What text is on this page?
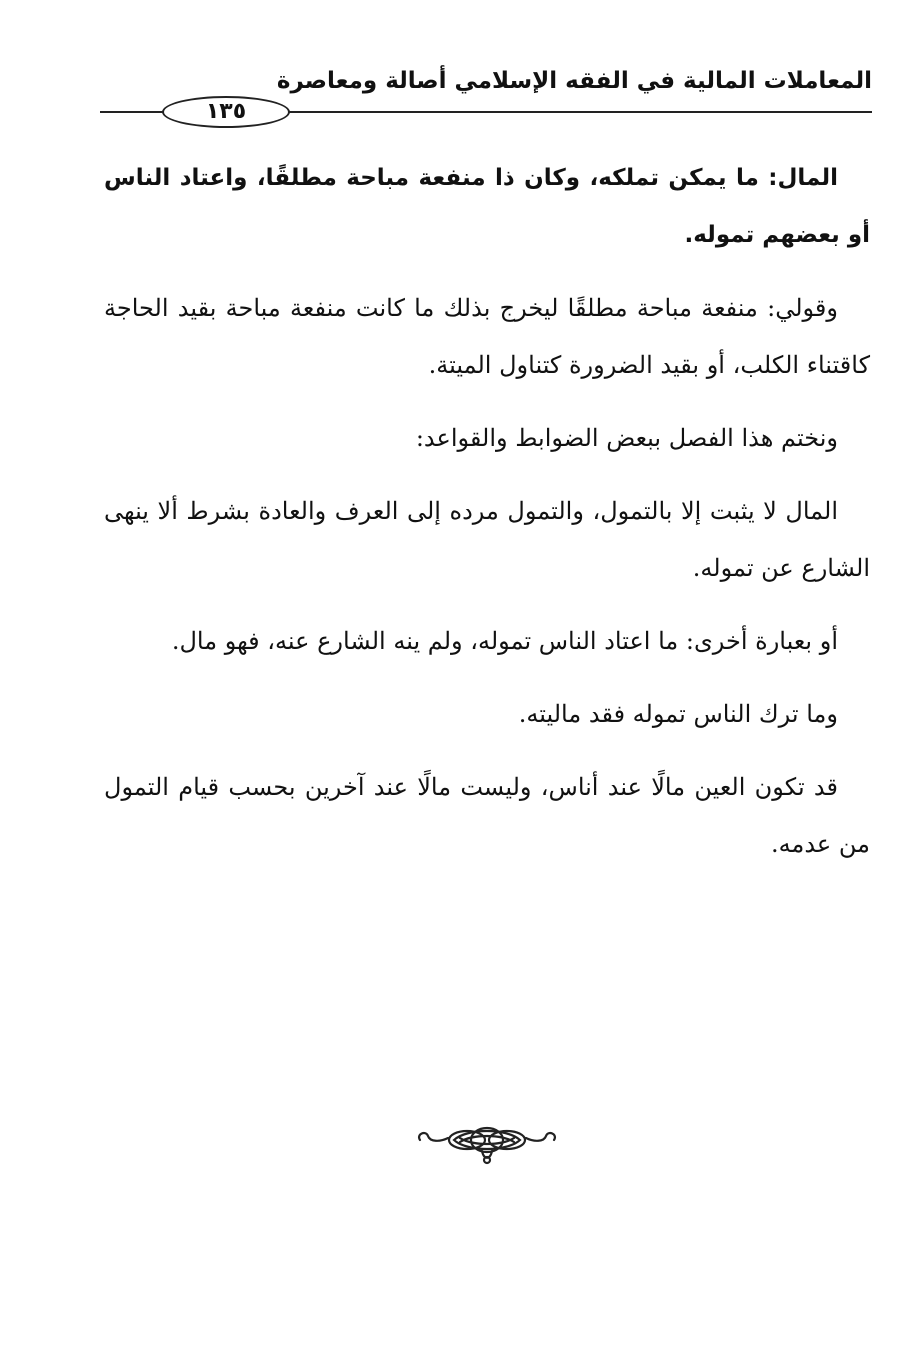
المعاملات المالية في الفقه الإسلامي أصالة ومعاصرة
١٣٥

المال: ما يمكن تملكه، وكان ذا منفعة مباحة مطلقًا، واعتاد الناس أو بعضهم تموله.

وقولي: منفعة مباحة مطلقًا ليخرج بذلك ما كانت منفعة مباحة بقيد الحاجة كاقتناء الكلب، أو بقيد الضرورة كتناول الميتة.

ونختم هذا الفصل ببعض الضوابط والقواعد:

المال لا يثبت إلا بالتمول، والتمول مرده إلى العرف والعادة بشرط ألا ينهى الشارع عن تموله.

أو بعبارة أخرى: ما اعتاد الناس تموله، ولم ينه الشارع عنه، فهو مال.

وما ترك الناس تموله فقد ماليته.

قد تكون العين مالًا عند أناس، وليست مالًا عند آخرين بحسب قيام التمول من عدمه.
